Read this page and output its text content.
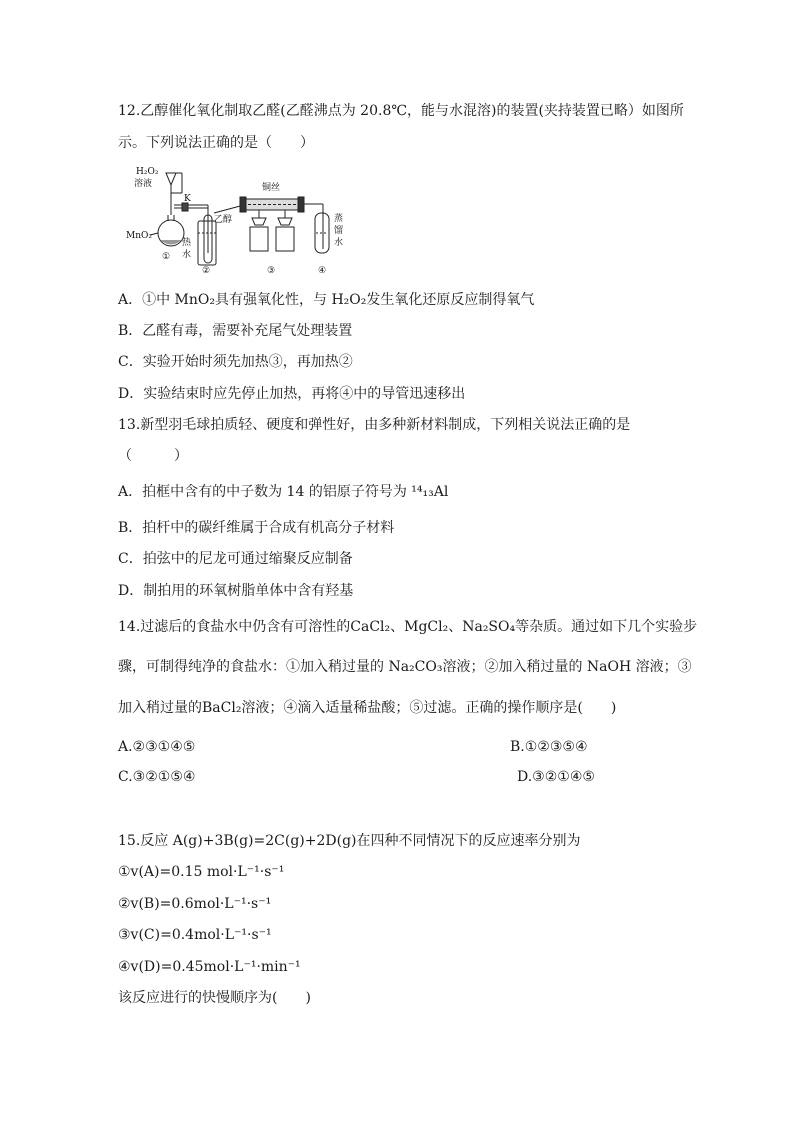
12.乙醇催化氧化制取乙醛(乙醛沸点为 20.8℃，能与水混溶)的装置(夹持装置已略）如图所
示。下列说法正确的是（　　）
H₂O₂
溶液
K
MnO₂
铜丝
乙醇
热
水
蒸
馏
水
①
②	③	④
A．①中 MnO₂具有强氧化性，与 H₂O₂发生氧化还原反应制得氧气
B．乙醛有毒，需要补充尾气处理装置
C．实验开始时须先加热③，再加热②
D．实验结束时应先停止加热，再将④中的导管迅速移出
13.新型羽毛球拍质轻、硬度和弹性好，由多种新材料制成，下列相关说法正确的是
（　　　）
A．拍框中含有的中子数为 14 的铝原子符号为 ¹⁴₁₃Al
B．拍杆中的碳纤维属于合成有机高分子材料
C．拍弦中的尼龙可通过缩聚反应制备
D．制拍用的环氧树脂单体中含有羟基
14.过滤后的食盐水中仍含有可溶性的CaCl₂、MgCl₂、Na₂SO₄等杂质。通过如下几个实验步
骤，可制得纯净的食盐水：①加入稍过量的 Na₂CO₃溶液；②加入稍过量的 NaOH 溶液；③
加入稍过量的BaCl₂溶液；④滴入适量稀盐酸；⑤过滤。正确的操作顺序是(　　)
A.②③①④⑤	B.①②③⑤④
C.③②①⑤④	D.③②①④⑤
15.反应 A(g)+3B(g)=2C(g)+2D(g)在四种不同情况下的反应速率分别为
①v(A)=0.15 mol·L⁻¹·s⁻¹
②v(B)=0.6mol·L⁻¹·s⁻¹
③v(C)=0.4mol·L⁻¹·s⁻¹
④v(D)=0.45mol·L⁻¹·min⁻¹
该反应进行的快慢顺序为(　　)
